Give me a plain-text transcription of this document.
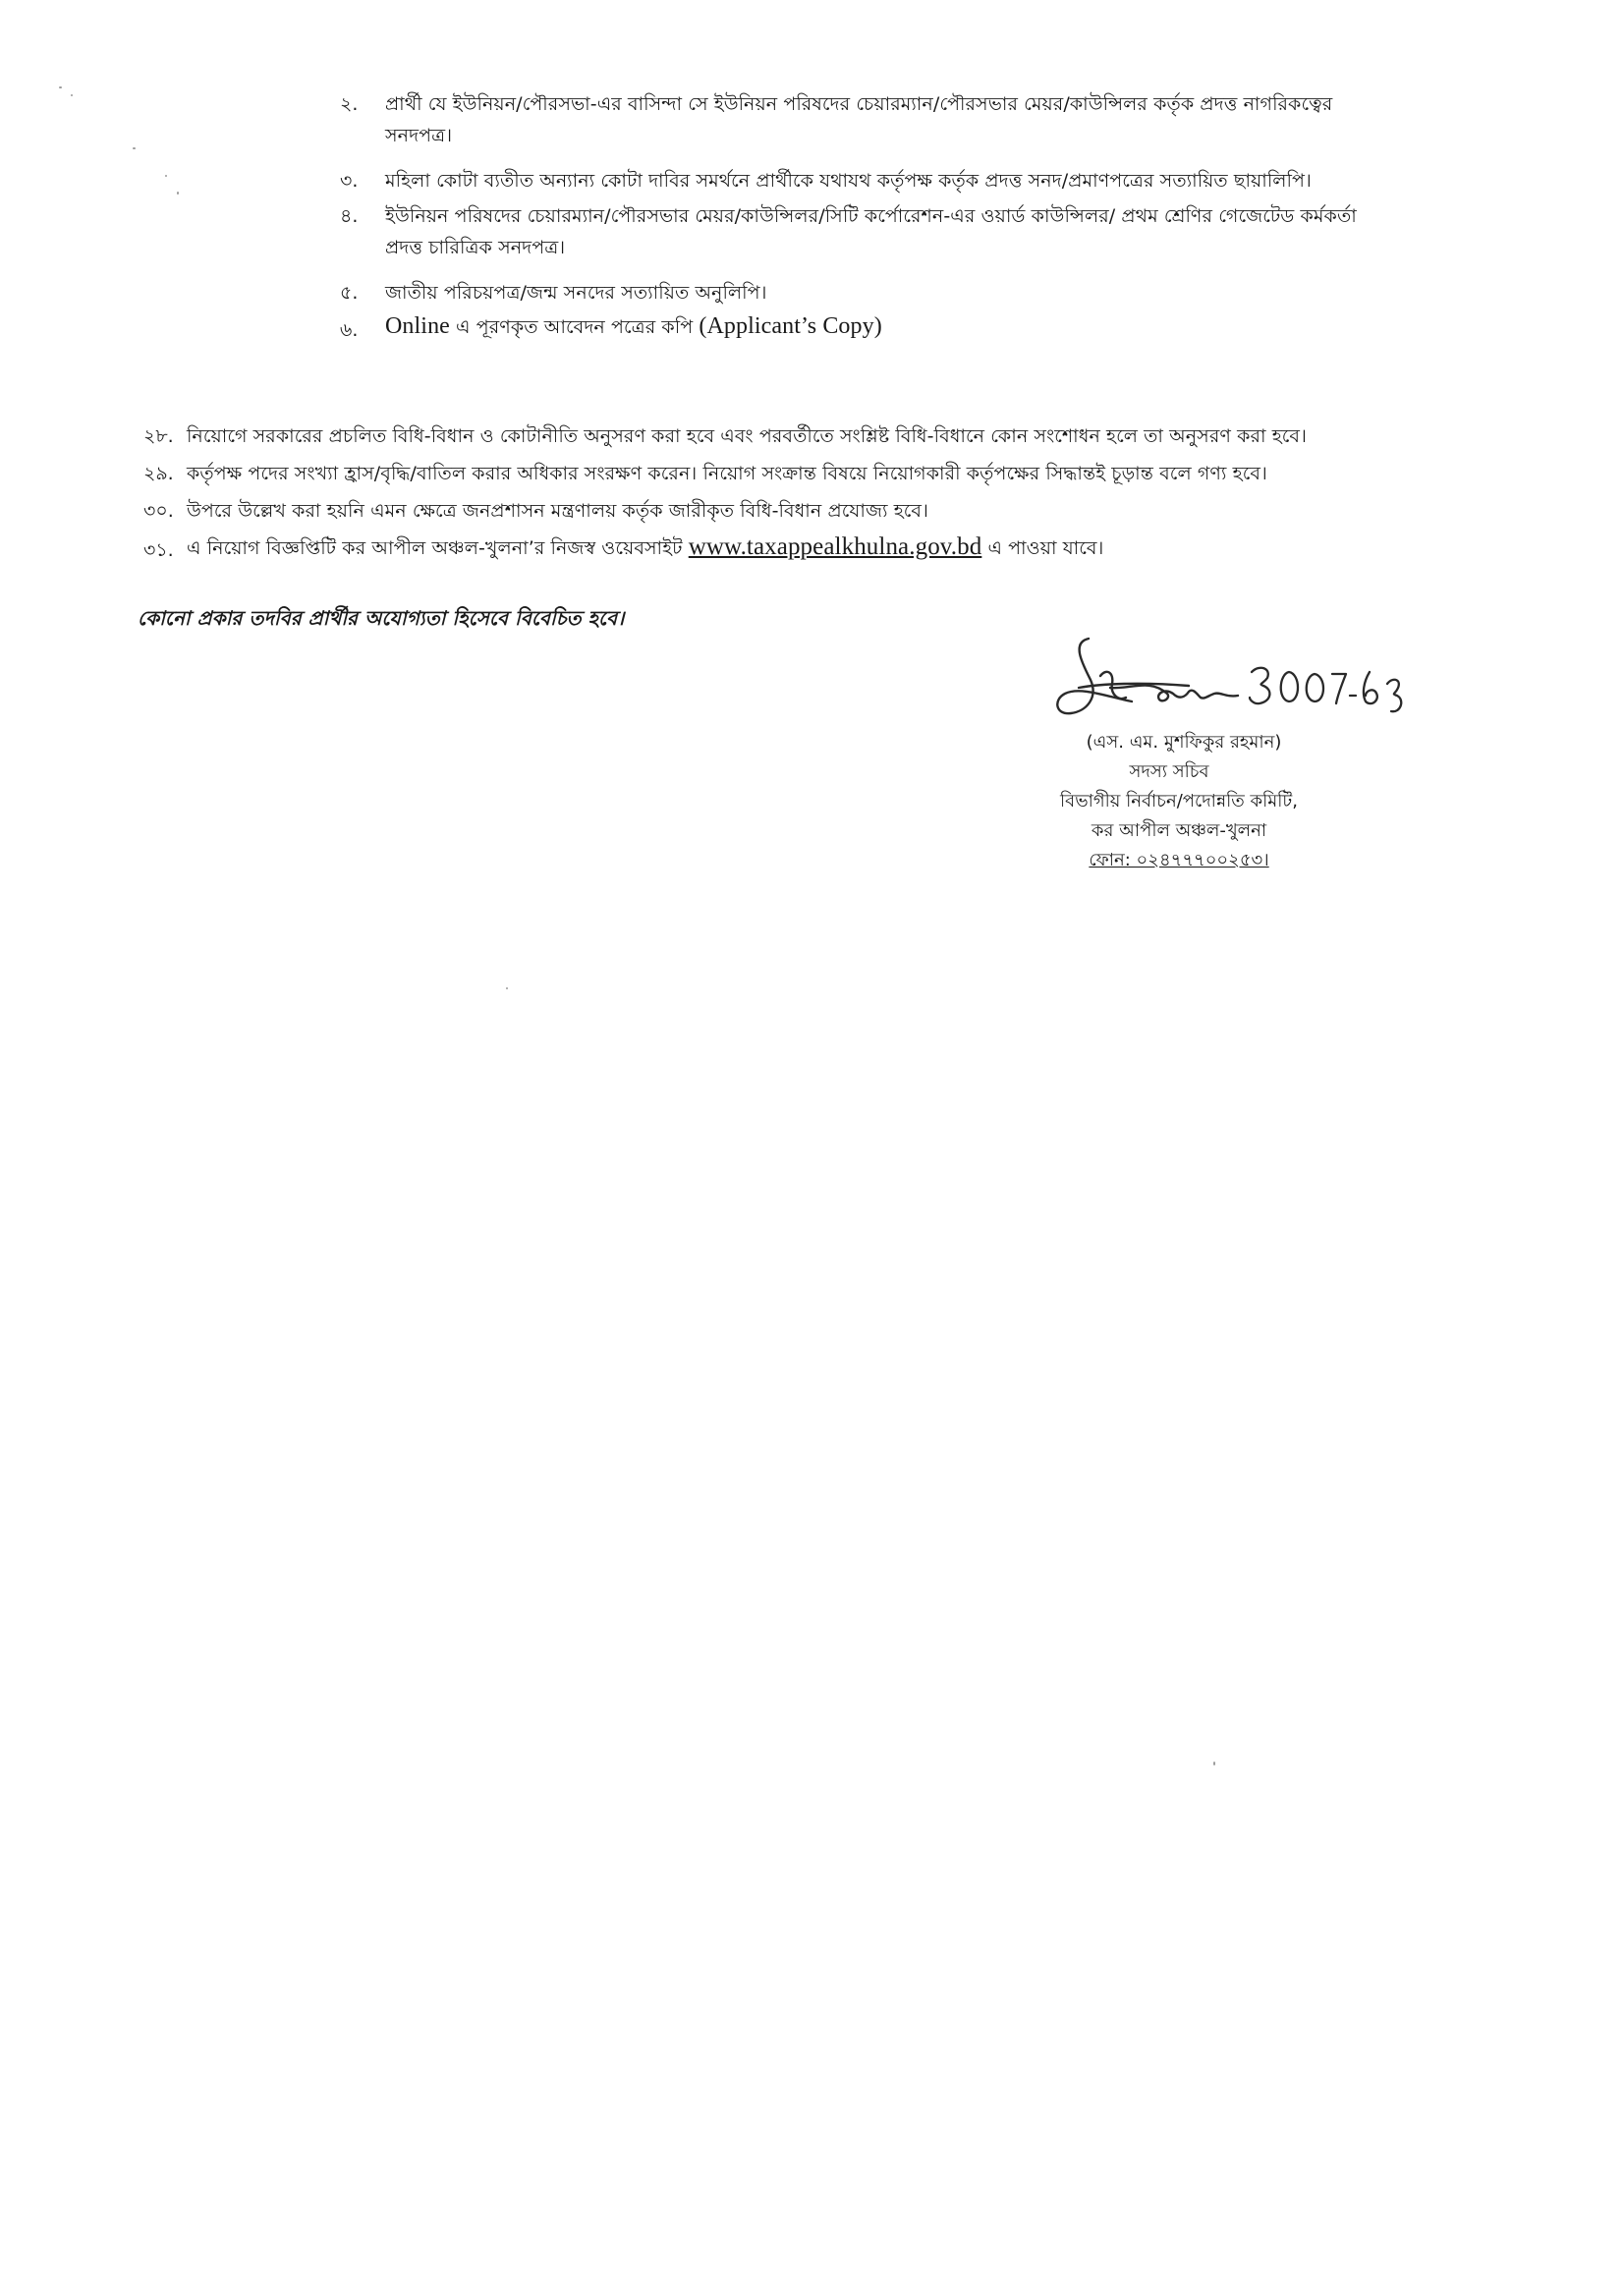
২. প্রার্থী যে ইউনিয়ন/পৌরসভা-এর বাসিন্দা সে ইউনিয়ন পরিষদের চেয়ারম্যান/পৌরসভার মেয়র/কাউন্সিলর কর্তৃক প্রদত্ত নাগরিকত্বের
সনদপত্র।
৩. মহিলা কোটা ব্যতীত অন্যান্য কোটা দাবির সমর্থনে প্রার্থীকে যথাযথ কর্তৃপক্ষ কর্তৃক প্রদত্ত সনদ/প্রমাণপত্রের সত্যায়িত ছায়ালিপি।
৪. ইউনিয়ন পরিষদের চেয়ারম্যান/পৌরসভার মেয়র/কাউন্সিলর/সিটি কর্পোরেশন-এর ওয়ার্ড কাউন্সিলর/ প্রথম শ্রেণির গেজেটেড কর্মকর্তা
প্রদত্ত চারিত্রিক সনদপত্র।
৫. জাতীয় পরিচয়পত্র/জন্ম সনদের সত্যায়িত অনুলিপি।
৬. Online এ পূরণকৃত আবেদন পত্রের কপি (Applicant’s Copy)
২৮. নিয়োগে সরকারের প্রচলিত বিধি-বিধান ও কোটানীতি অনুসরণ করা হবে এবং পরবর্তীতে সংশ্লিষ্ট বিধি-বিধানে কোন সংশোধন হলে তা অনুসরণ করা হবে।
২৯. কর্তৃপক্ষ পদের সংখ্যা হ্রাস/বৃদ্ধি/বাতিল করার অধিকার সংরক্ষণ করেন। নিয়োগ সংক্রান্ত বিষয়ে নিয়োগকারী কর্তৃপক্ষের সিদ্ধান্তই চূড়ান্ত বলে গণ্য হবে।
৩০. উপরে উল্লেখ করা হয়নি এমন ক্ষেত্রে জনপ্রশাসন মন্ত্রণালয় কর্তৃক জারীকৃত বিধি-বিধান প্রযোজ্য হবে।
৩১. এ নিয়োগ বিজ্ঞপ্তিটি কর আপীল অঞ্চল-খুলনা’র নিজস্ব ওয়েবসাইট www.taxappealkhulna.gov.bd এ পাওয়া যাবে।
কোনো প্রকার তদবির প্রার্থীর অযোগ্যতা হিসেবে বিবেচিত হবে।
(এস. এম. মুশফিকুর রহমান)
সদস্য সচিব
বিভাগীয় নির্বাচন/পদোন্নতি কমিটি,
কর আপীল অঞ্চল-খুলনা
ফোন: ০২৪৭৭৭০০২৫৩।
